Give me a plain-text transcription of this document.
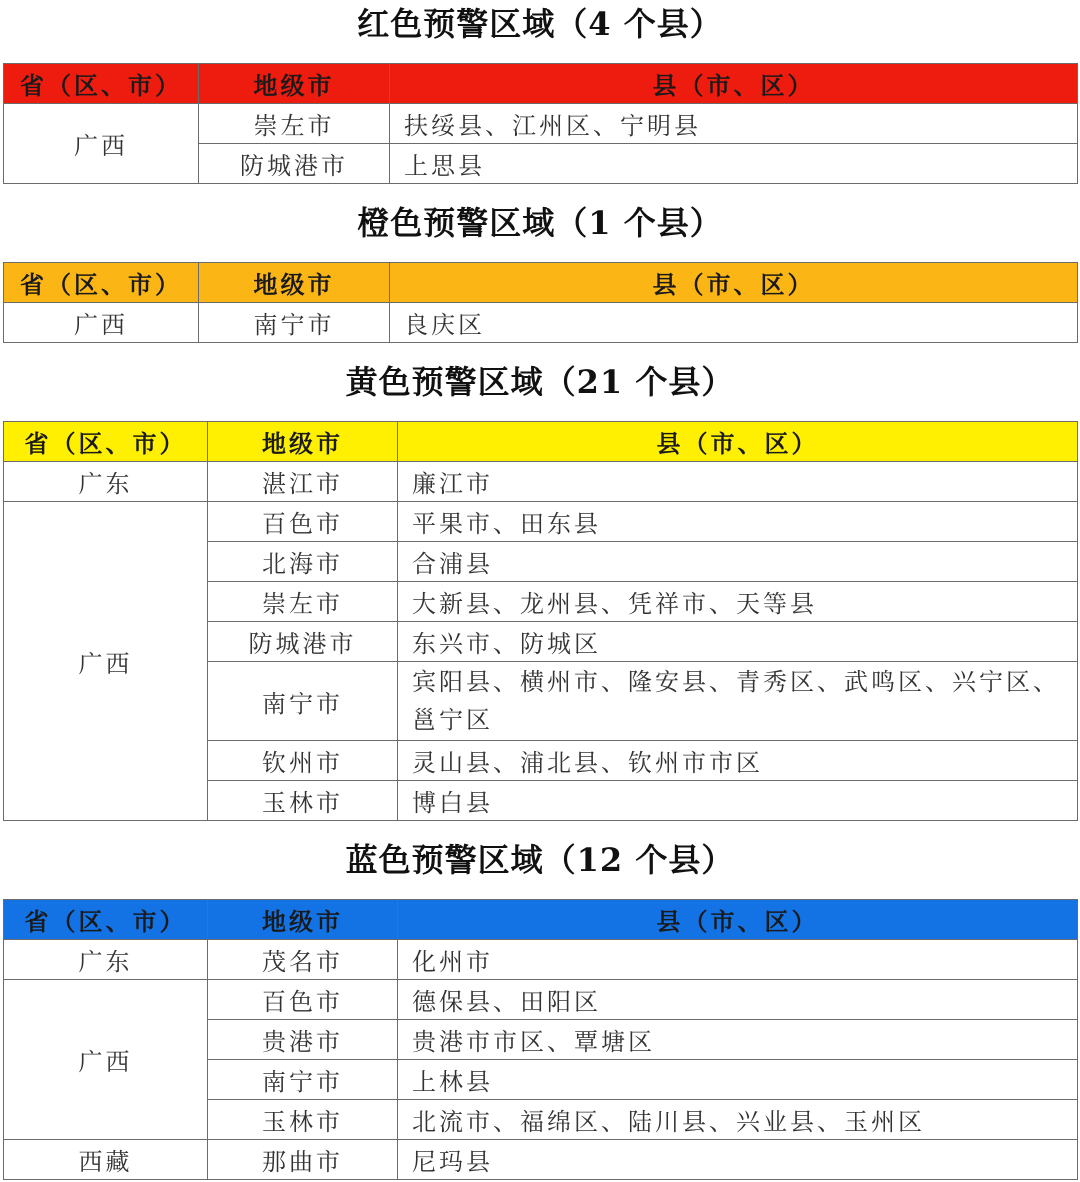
红色预警区域（4 个县）
省（区、市）	地级市	县（市、区）
广西	崇左市	扶绥县、江州区、宁明县
	防城港市	上思县
橙色预警区域（1 个县）
省（区、市）	地级市	县（市、区）
广西	南宁市	良庆区
黄色预警区域（21 个县）
省（区、市）	地级市	县（市、区）
广东	湛江市	廉江市
广西	百色市	平果市、田东县
	北海市	合浦县
	崇左市	大新县、龙州县、凭祥市、天等县
	防城港市	东兴市、防城区
	南宁市	宾阳县、横州市、隆安县、青秀区、武鸣区、兴宁区、邕宁区
	钦州市	灵山县、浦北县、钦州市市区
	玉林市	博白县
蓝色预警区域（12 个县）
省（区、市）	地级市	县（市、区）
广东	茂名市	化州市
广西	百色市	德保县、田阳区
	贵港市	贵港市市区、覃塘区
	南宁市	上林县
	玉林市	北流市、福绵区、陆川县、兴业县、玉州区
西藏	那曲市	尼玛县
